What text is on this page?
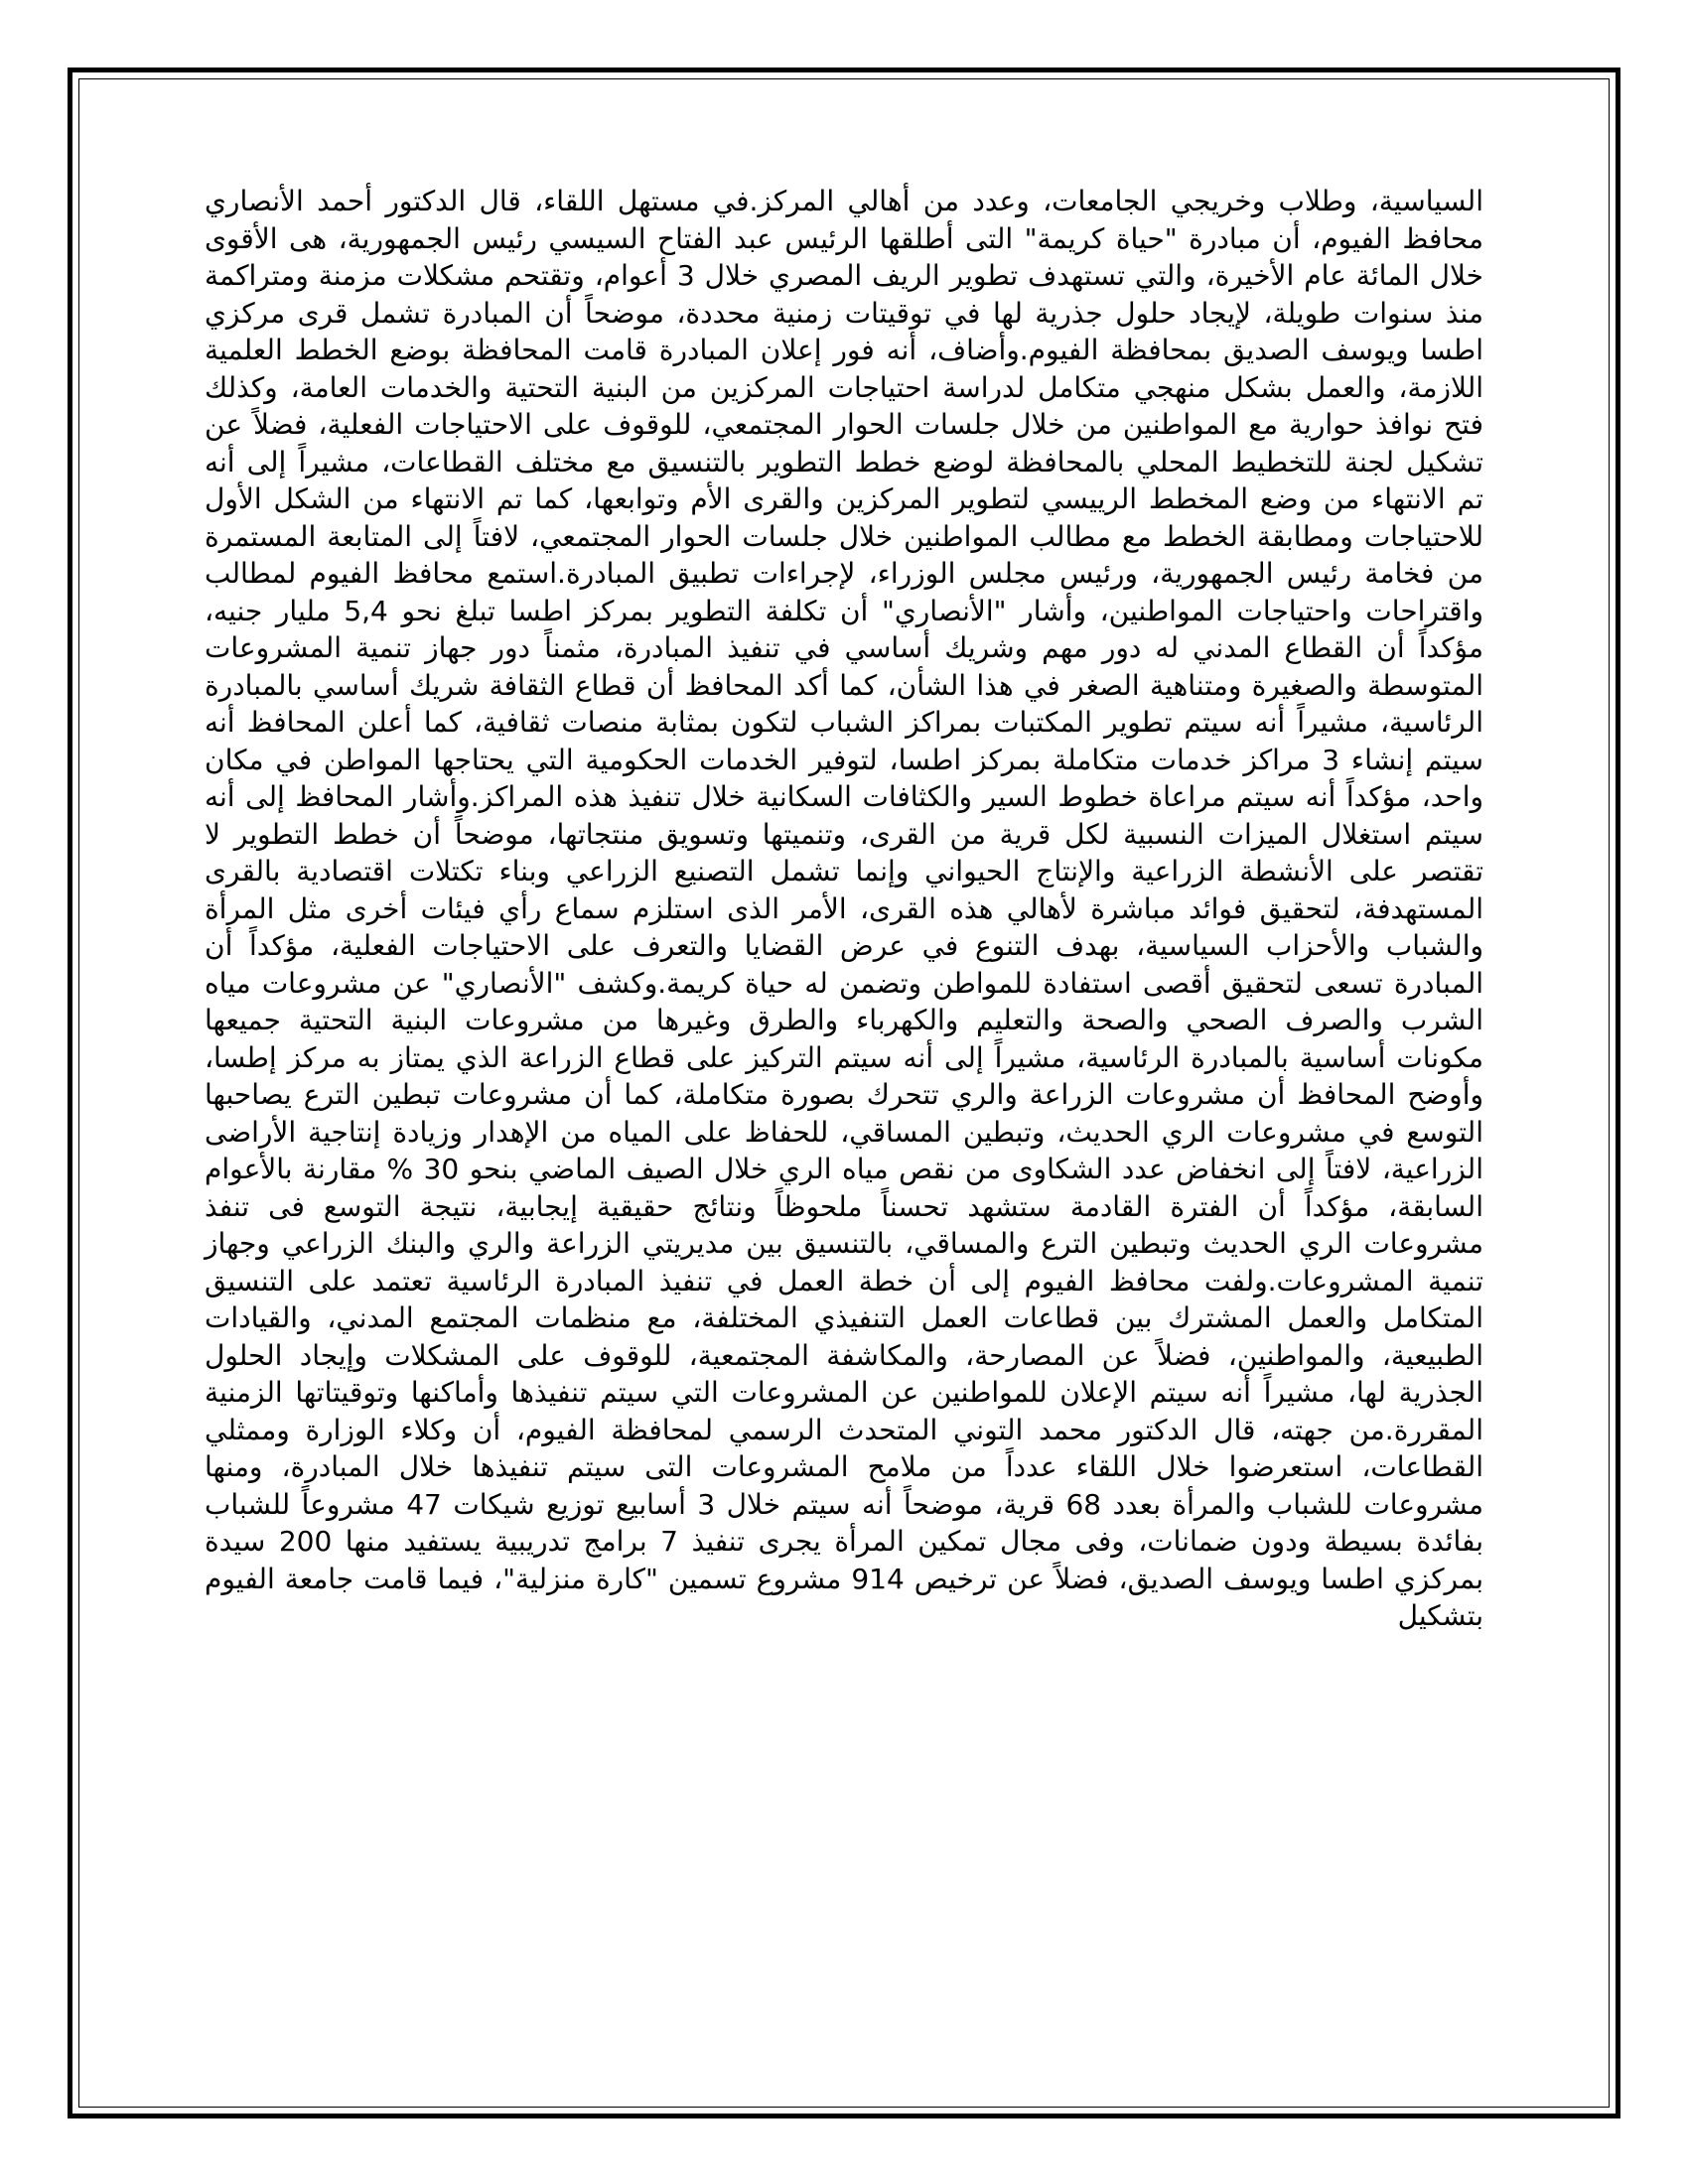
السياسية، وطلاب وخريجي الجامعات، وعدد من أهالي المركز.في مستهل اللقاء، قال الدكتور أحمد الأنصاري محافظ الفيوم، أن مبادرة "حياة كريمة" التى أطلقها الرئيس عبد الفتاح السيسي رئيس الجمهورية، هى الأقوى خلال المائة عام الأخيرة، والتي تستهدف تطوير الريف المصري خلال 3 أعوام، وتقتحم مشكلات مزمنة ومتراكمة منذ سنوات طويلة، لإيجاد حلول جذرية لها في توقيتات زمنية محددة، موضحاً أن المبادرة تشمل قرى مركزي اطسا ويوسف الصديق بمحافظة الفيوم.وأضاف، أنه فور إعلان المبادرة قامت المحافظة بوضع الخطط العلمية اللازمة، والعمل بشكل منهجي متكامل لدراسة احتياجات المركزين من البنية التحتية والخدمات العامة، وكذلك فتح نوافذ حوارية مع المواطنين من خلال جلسات الحوار المجتمعي، للوقوف على الاحتياجات الفعلية، فضلاً عن تشكيل لجنة للتخطيط المحلي بالمحافظة لوضع خطط التطوير بالتنسيق مع مختلف القطاعات، مشيراً إلى أنه تم الانتهاء من وضع المخطط الرييسي لتطوير المركزين والقرى الأم وتوابعها، كما تم الانتهاء من الشكل الأول للاحتياجات ومطابقة الخطط مع مطالب المواطنين خلال جلسات الحوار المجتمعي، لافتاً إلى المتابعة المستمرة من فخامة رئيس الجمهورية، ورئيس مجلس الوزراء، لإجراءات تطبيق المبادرة.استمع محافظ الفيوم لمطالب واقتراحات واحتياجات المواطنين، وأشار "الأنصاري" أن تكلفة التطوير بمركز اطسا تبلغ نحو 5,4 مليار جنيه، مؤكداً أن القطاع المدني له دور مهم وشريك أساسي في تنفيذ المبادرة، مثمناً دور جهاز تنمية المشروعات المتوسطة والصغيرة ومتناهية الصغر في هذا الشأن، كما أكد المحافظ أن قطاع الثقافة شريك أساسي بالمبادرة الرئاسية، مشيراً أنه سيتم تطوير المكتبات بمراكز الشباب لتكون بمثابة منصات ثقافية، كما أعلن المحافظ أنه سيتم إنشاء 3 مراكز خدمات متكاملة بمركز اطسا، لتوفير الخدمات الحكومية التي يحتاجها المواطن في مكان واحد، مؤكداً أنه سيتم مراعاة خطوط السير والكثافات السكانية خلال تنفيذ هذه المراكز.وأشار المحافظ إلى أنه سيتم استغلال الميزات النسبية لكل قرية من القرى، وتنميتها وتسويق منتجاتها، موضحاً أن خطط التطوير لا تقتصر على الأنشطة الزراعية والإنتاج الحيواني وإنما تشمل التصنيع الزراعي وبناء تكتلات اقتصادية بالقرى المستهدفة، لتحقيق فوائد مباشرة لأهالي هذه القرى، الأمر الذى استلزم سماع رأي فيئات أخرى مثل المرأة والشباب والأحزاب السياسية، بهدف التنوع في عرض القضايا والتعرف على الاحتياجات الفعلية، مؤكداً أن المبادرة تسعى لتحقيق أقصى استفادة للمواطن وتضمن له حياة كريمة.وكشف "الأنصاري" عن مشروعات مياه الشرب والصرف الصحي والصحة والتعليم والكهرباء والطرق وغيرها من مشروعات البنية التحتية جميعها مكونات أساسية بالمبادرة الرئاسية، مشيراً إلى أنه سيتم التركيز على قطاع الزراعة الذي يمتاز به مركز إطسا، وأوضح المحافظ أن مشروعات الزراعة والري تتحرك بصورة متكاملة، كما أن مشروعات تبطين الترع يصاحبها التوسع في مشروعات الري الحديث، وتبطين المساقي، للحفاظ على المياه من الإهدار وزيادة إنتاجية الأراضى الزراعية، لافتاً إلى انخفاض عدد الشكاوى من نقص مياه الري خلال الصيف الماضي بنحو 30 % مقارنة بالأعوام السابقة، مؤكداً أن الفترة القادمة ستشهد تحسناً ملحوظاً ونتائج حقيقية إيجابية، نتيجة التوسع فى تنفذ مشروعات الري الحديث وتبطين الترع والمساقي، بالتنسيق بين مديريتي الزراعة والري والبنك الزراعي وجهاز تنمية المشروعات.ولفت محافظ الفيوم إلى أن خطة العمل في تنفيذ المبادرة الرئاسية تعتمد على التنسيق المتكامل والعمل المشترك بين قطاعات العمل التنفيذي المختلفة، مع منظمات المجتمع المدني، والقيادات الطبيعية، والمواطنين، فضلاً عن المصارحة، والمكاشفة المجتمعية، للوقوف على المشكلات وإيجاد الحلول الجذرية لها، مشيراً أنه سيتم الإعلان للمواطنين عن المشروعات التي سيتم تنفيذها وأماكنها وتوقيتاتها الزمنية المقررة.من جهته، قال الدكتور محمد التوني المتحدث الرسمي لمحافظة الفيوم، أن وكلاء الوزارة وممثلي القطاعات، استعرضوا خلال اللقاء عدداً من ملامح المشروعات التى سيتم تنفيذها خلال المبادرة، ومنها مشروعات للشباب والمرأة بعدد 68 قرية، موضحاً أنه سيتم خلال 3 أسابيع توزيع شيكات 47 مشروعاً للشباب بفائدة بسيطة ودون ضمانات، وفى مجال تمكين المرأة يجرى تنفيذ 7 برامج تدريبية يستفيد منها 200 سيدة بمركزي اطسا ويوسف الصديق، فضلاً عن ترخيص 914 مشروع تسمين "كارة منزلية"، فيما قامت جامعة الفيوم بتشكيل
